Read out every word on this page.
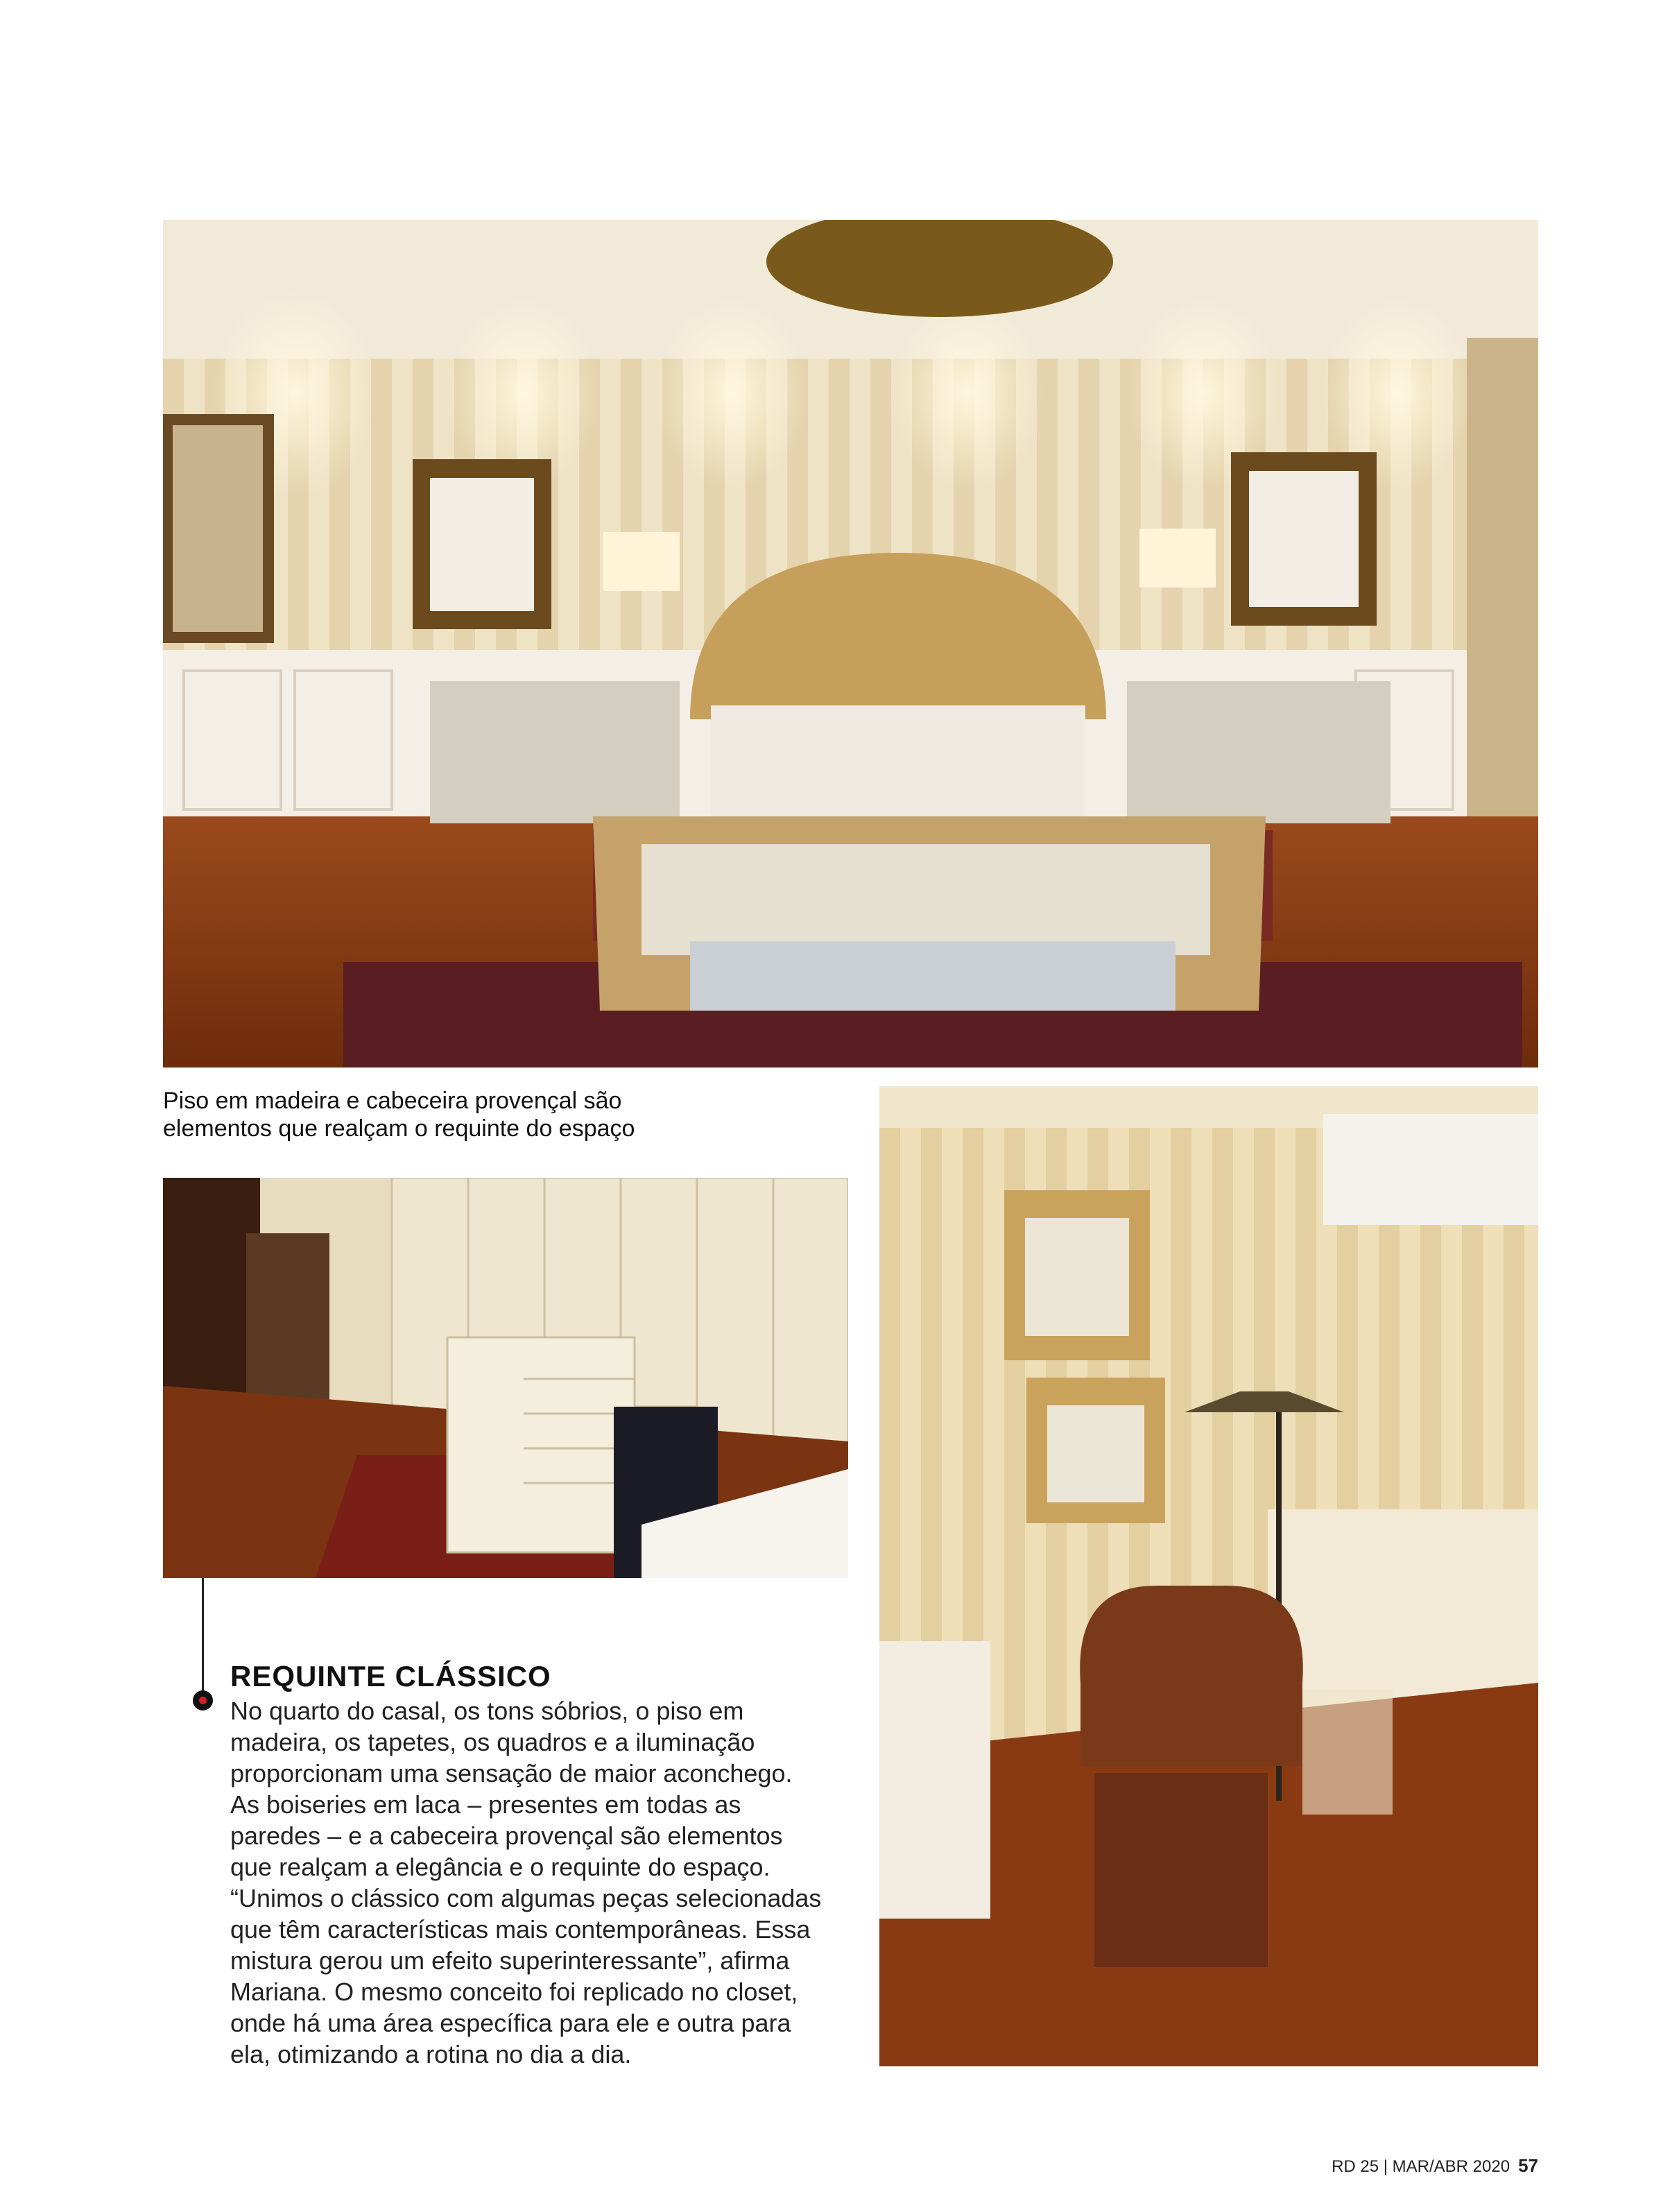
Piso em madeira e cabeceira provençal são
elementos que realçam o requinte do espaço
REQUINTE CLÁSSICO

No quarto do casal, os tons sóbrios, o piso em
madeira, os tapetes, os quadros e a iluminação
proporcionam uma sensação de maior aconchego.
As boiseries em laca – presentes em todas as
paredes – e a cabeceira provençal são elementos
que realçam a elegância e o requinte do espaço.
“Unimos o clássico com algumas peças selecionadas
que têm características mais contemporâneas. Essa
mistura gerou um efeito superinteressante”, afirma
Mariana. O mesmo conceito foi replicado no closet,
onde há uma área específica para ele e outra para
ela, otimizando a rotina no dia a dia.

RD 25 | MAR/ABR 2020 57
